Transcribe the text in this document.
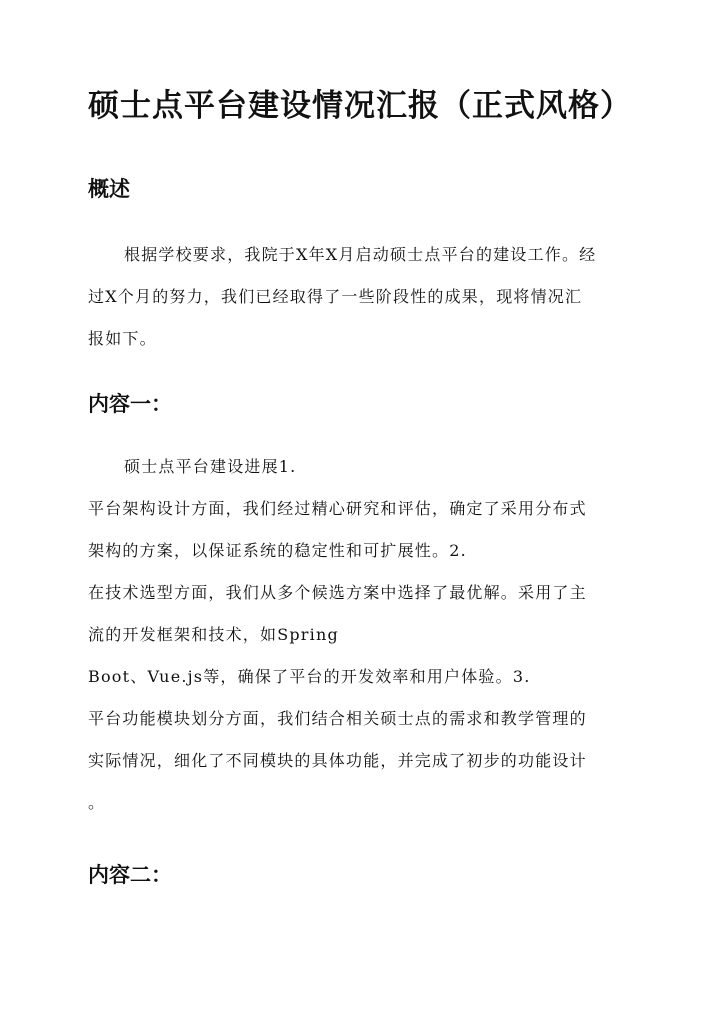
硕士点平台建设情况汇报（正式风格）
概述
根据学校要求，我院于X年X月启动硕士点平台的建设工作。经
过X个月的努力，我们已经取得了一些阶段性的成果，现将情况汇
报如下。
内容一：
硕士点平台建设进展1.
平台架构设计方面，我们经过精心研究和评估，确定了采用分布式
架构的方案，以保证系统的稳定性和可扩展性。2.
在技术选型方面，我们从多个候选方案中选择了最优解。采用了主
流的开发框架和技术，如Spring
Boot、Vue.js等，确保了平台的开发效率和用户体验。3.
平台功能模块划分方面，我们结合相关硕士点的需求和教学管理的
实际情况，细化了不同模块的具体功能，并完成了初步的功能设计
。
内容二：
